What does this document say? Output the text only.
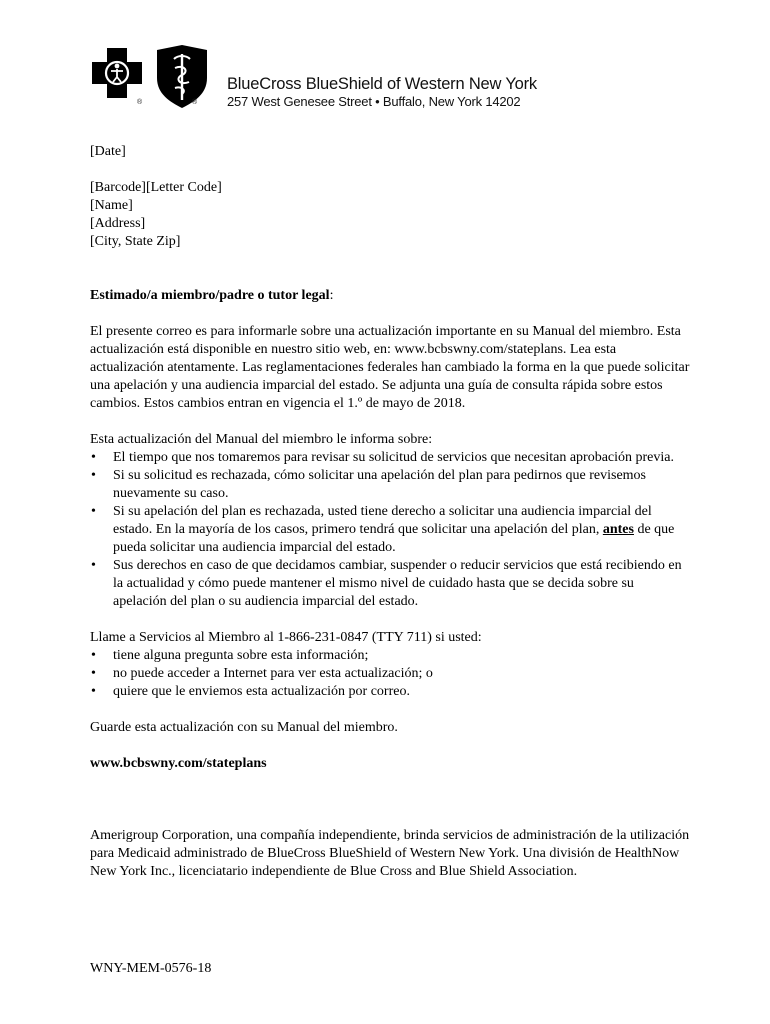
®	®
BlueCross BlueShield of Western New York
257 West Genesee Street • Buffalo, New York 14202

[Date]

[Barcode][Letter Code]
[Name]
[Address]
[City, State Zip]

Estimado/a miembro/padre o tutor legal:

El presente correo es para informarle sobre una actualización importante en su Manual del miembro. Esta actualización está disponible en nuestro sitio web, en: www.bcbswny.com/stateplans. Lea esta actualización atentamente. Las reglamentaciones federales han cambiado la forma en la que puede solicitar una apelación y una audiencia imparcial del estado. Se adjunta una guía de consulta rápida sobre estos cambios. Estos cambios entran en vigencia el 1.º de mayo de 2018.

Esta actualización del Manual del miembro le informa sobre:

• El tiempo que nos tomaremos para revisar su solicitud de servicios que necesitan aprobación previa.
• Si su solicitud es rechazada, cómo solicitar una apelación del plan para pedirnos que revisemos nuevamente su caso.
• Si su apelación del plan es rechazada, usted tiene derecho a solicitar una audiencia imparcial del estado. En la mayoría de los casos, primero tendrá que solicitar una apelación del plan, antes de que pueda solicitar una audiencia imparcial del estado.
• Sus derechos en caso de que decidamos cambiar, suspender o reducir servicios que está recibiendo en la actualidad y cómo puede mantener el mismo nivel de cuidado hasta que se decida sobre su apelación del plan o su audiencia imparcial del estado.

Llame a Servicios al Miembro al 1-866-231-0847 (TTY 711) si usted:

• tiene alguna pregunta sobre esta información;
• no puede acceder a Internet para ver esta actualización; o
• quiere que le enviemos esta actualización por correo.

Guarde esta actualización con su Manual del miembro.

www.bcbswny.com/stateplans

Amerigroup Corporation, una compañía independiente, brinda servicios de administración de la utilización para Medicaid administrado de BlueCross BlueShield of Western New York. Una división de HealthNow New York Inc., licenciatario independiente de Blue Cross and Blue Shield Association.

WNY-MEM-0576-18
